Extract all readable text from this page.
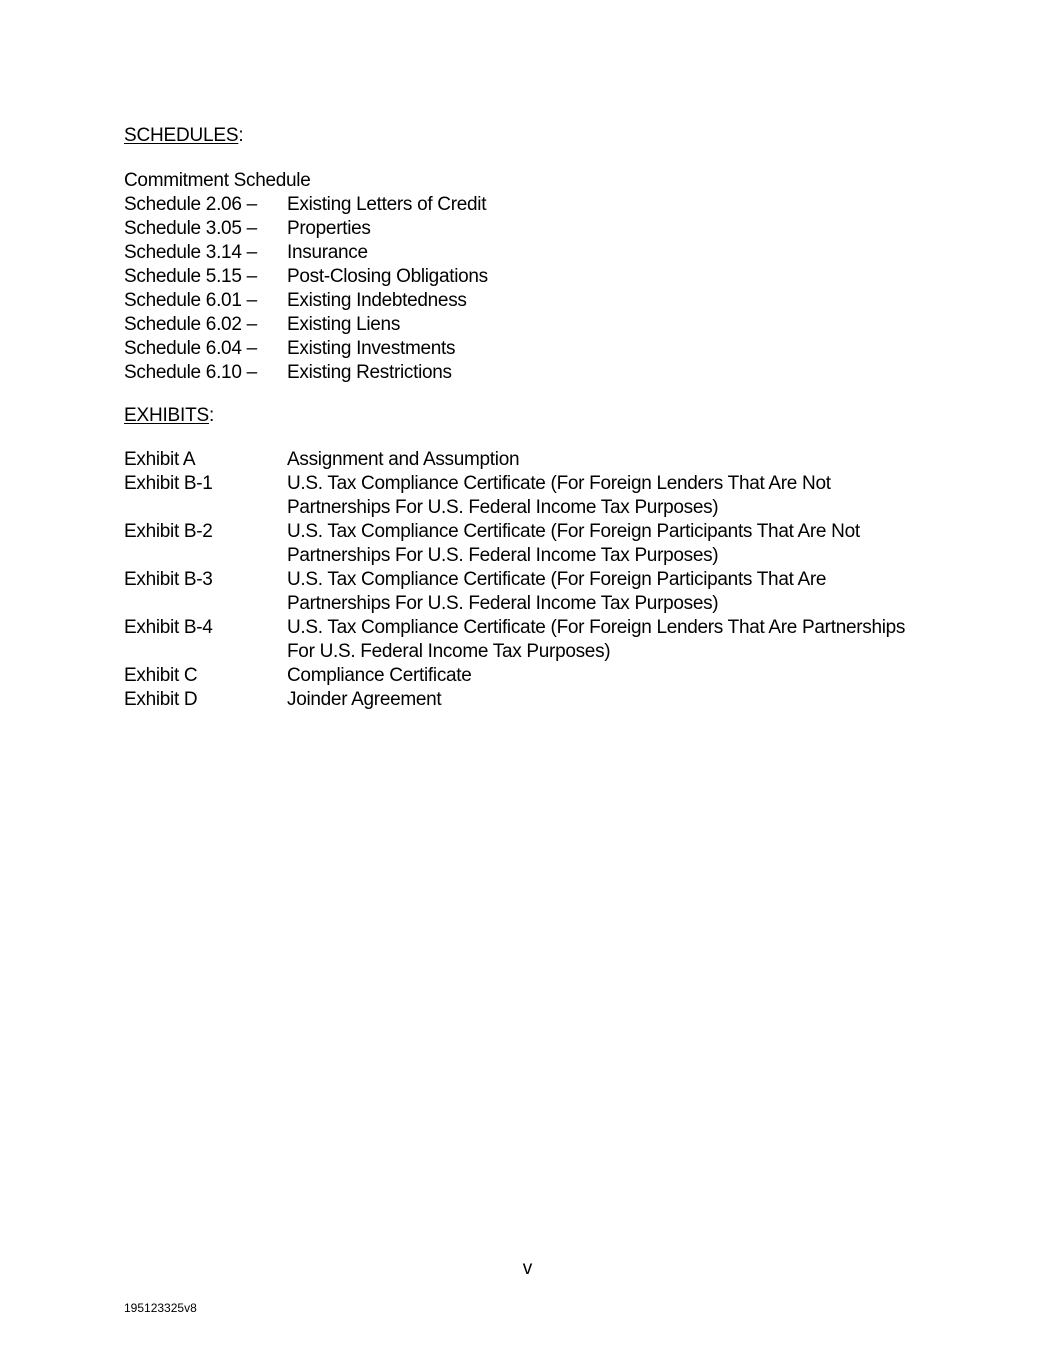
SCHEDULES:
Commitment Schedule
Schedule 2.06 –	Existing Letters of Credit
Schedule 3.05 –	Properties
Schedule 3.14 –	Insurance
Schedule 5.15 –	Post-Closing Obligations
Schedule 6.01 –	Existing Indebtedness
Schedule 6.02 –	Existing Liens
Schedule 6.04 –	Existing Investments
Schedule 6.10 –	Existing Restrictions
EXHIBITS:
Exhibit A	Assignment and Assumption
Exhibit B-1	U.S. Tax Compliance Certificate (For Foreign Lenders That Are Not Partnerships For U.S. Federal Income Tax Purposes)
Exhibit B-2	U.S. Tax Compliance Certificate (For Foreign Participants That Are Not Partnerships For U.S. Federal Income Tax Purposes)
Exhibit B-3	U.S. Tax Compliance Certificate (For Foreign Participants That Are Partnerships For U.S. Federal Income Tax Purposes)
Exhibit B-4	U.S. Tax Compliance Certificate (For Foreign Lenders That Are Partnerships For U.S. Federal Income Tax Purposes)
Exhibit C	Compliance Certificate
Exhibit D	Joinder Agreement
v
195123325v8
